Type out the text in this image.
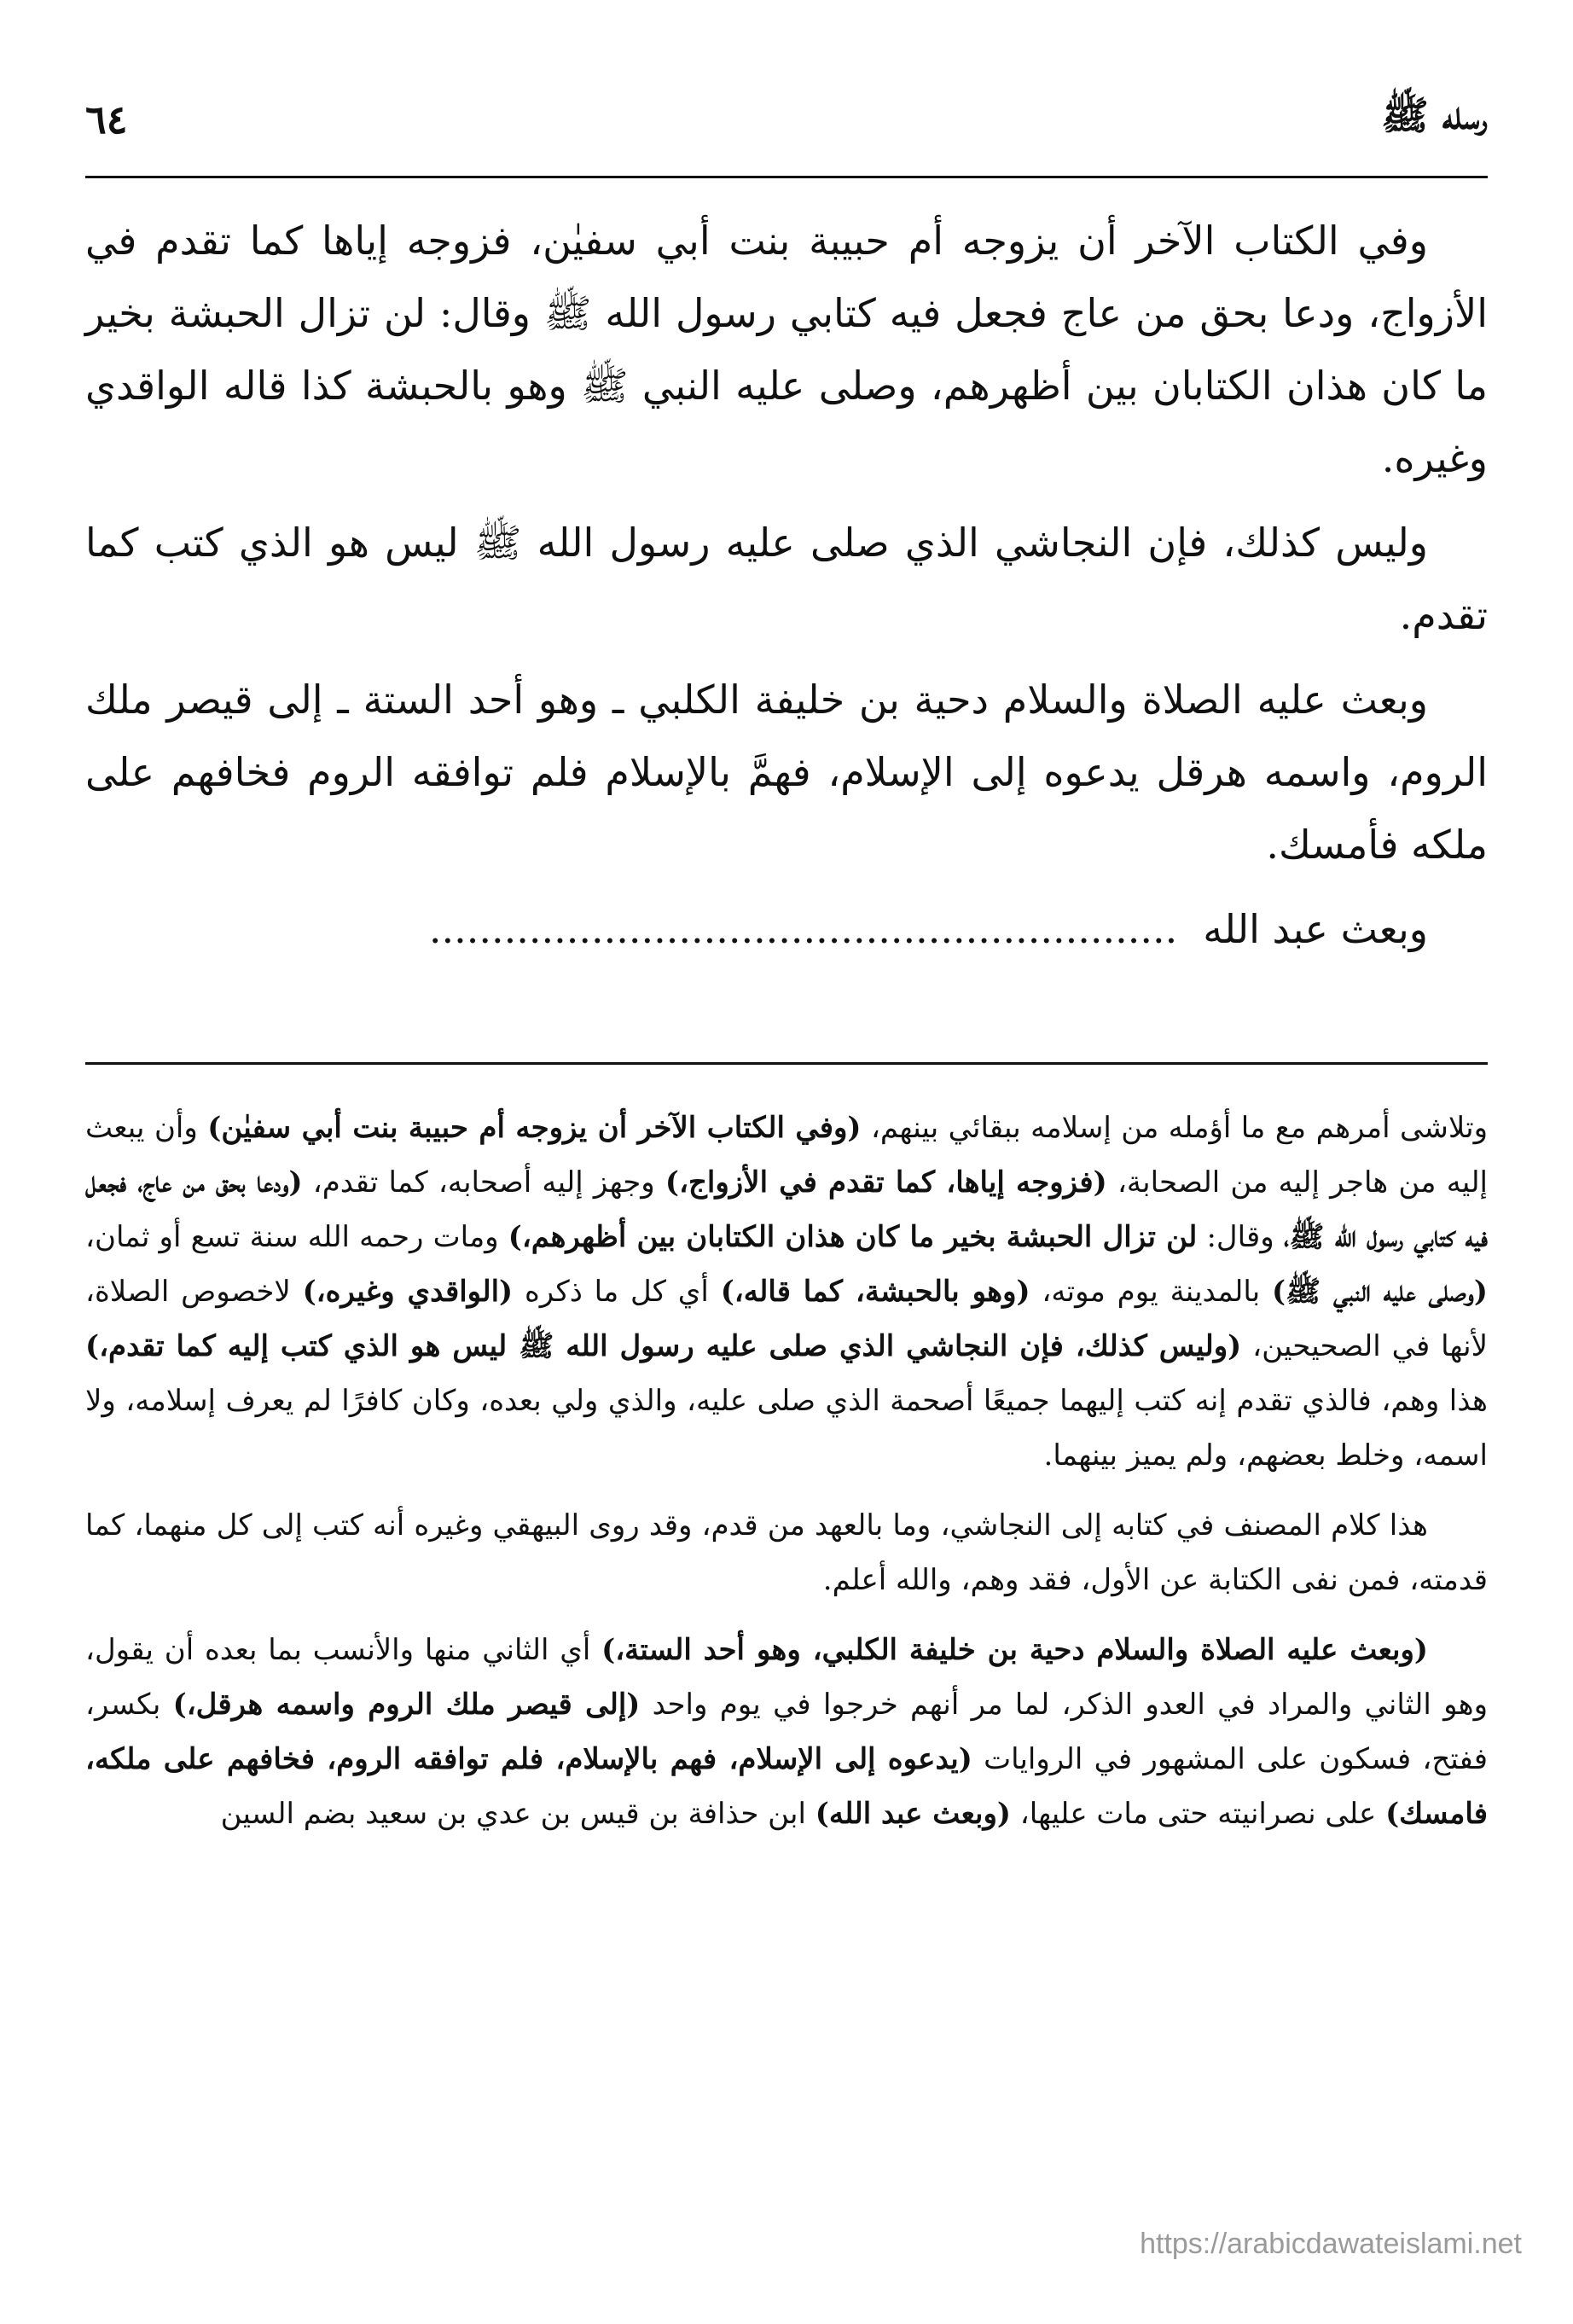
رسله ﷺ
٦٤

وفي الكتاب الآخر أن يزوجه أم حبيبة بنت أبي سفيٰن، فزوجه إياها كما تقدم في الأزواج، ودعا بحق من عاج فجعل فيه كتابي رسول الله ﷺ وقال: لن تزال الحبشة بخير ما كان هذان الكتابان بين أظهرهم، وصلى عليه النبي ﷺ وهو بالحبشة كذا قاله الواقدي وغيره.

وليس كذلك، فإن النجاشي الذي صلى عليه رسول الله ﷺ ليس هو الذي كتب كما تقدم.

وبعث عليه الصلاة والسلام دحية بن خليفة الكلبي ـ وهو أحد الستة ـ إلى قيصر ملك الروم، واسمه هرقل يدعوه إلى الإسلام، فهمَّ بالإسلام فلم توافقه الروم فخافهم على ملكه فأمسك.

وبعث عبد الله............................................................

وتلاشى أمرهم مع ما أؤمله من إسلامه ببقائي بينهم، (وفي الكتاب الآخر أن يزوجه أم حبيبة بنت أبي سفيٰن) وأن يبعث إليه من هاجر إليه من الصحابة، (فزوجه إياها، كما تقدم في الأزواج،) وجهز إليه أصحابه، كما تقدم، (ودعا بحق من عاج، فجعل فيه كتابي رسول الله ﷺ، وقال: لن تزال الحبشة بخير ما كان هذان الكتابان بين أظهرهم،) ومات رحمه الله سنة تسع أو ثمان، (وصلى عليه النبي ﷺ) بالمدينة يوم موته، (وهو بالحبشة، كما قاله،) أي كل ما ذكره (الواقدي وغيره،) لاخصوص الصلاة، لأنها في الصحيحين، (وليس كذلك، فإن النجاشي الذي صلى عليه رسول الله ﷺ ليس هو الذي كتب إليه كما تقدم،) هذا وهم، فالذي تقدم إنه كتب إليهما جميعًا أصحمة الذي صلى عليه، والذي ولي بعده، وكان كافرًا لم يعرف إسلامه، ولا اسمه، وخلط بعضهم، ولم يميز بينهما.

هذا كلام المصنف في كتابه إلى النجاشي، وما بالعهد من قدم، وقد روى البيهقي وغيره أنه كتب إلى كل منهما، كما قدمته، فمن نفى الكتابة عن الأول، فقد وهم، والله أعلم.

(وبعث عليه الصلاة والسلام دحية بن خليفة الكلبي، وهو أحد الستة،) أي الثاني منها والأنسب بما بعده أن يقول، وهو الثاني والمراد في العدو الذكر، لما مر أنهم خرجوا في يوم واحد (إلى قيصر ملك الروم واسمه هرقل،) بكسر، ففتح، فسكون على المشهور في الروايات (يدعوه إلى الإسلام، فهم بالإسلام، فلم توافقه الروم، فخافهم على ملكه، فامسك) على نصرانيته حتى مات عليها، (وبعث عبد الله) ابن حذافة بن قيس بن عدي بن سعيد بضم السين

https://arabicdawateislami.net
